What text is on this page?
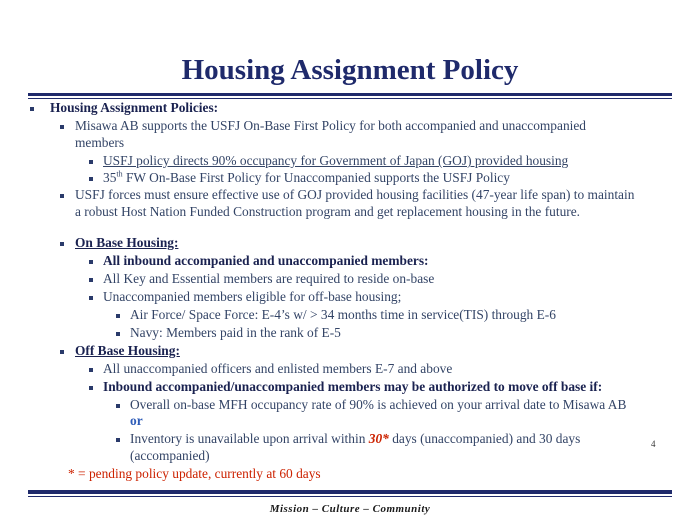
Housing Assignment Policy
Housing Assignment Policies:
Misawa AB supports the USFJ On-Base First Policy for both accompanied and unaccompanied
members
USFJ policy directs 90% occupancy for Government of Japan (GOJ) provided housing
35th FW On-Base First Policy for Unaccompanied supports the USFJ Policy
USFJ forces must ensure effective use of GOJ provided housing facilities (47-year life span) to maintain
a robust Host Nation Funded Construction program and get replacement housing in the future.
On Base Housing:
All inbound accompanied and unaccompanied members:
All Key and Essential members are required to reside on-base
Unaccompanied members eligible for off-base housing;
Air Force/ Space Force: E-4’s w/ > 34 months time in service(TIS) through E-6
Navy: Members paid in the rank of E-5
Off Base Housing:
All unaccompanied officers and enlisted members E-7 and above
Inbound accompanied/unaccompanied members may be authorized to move off base if:
Overall on-base MFH occupancy rate of 90% is achieved on your arrival date to Misawa AB
or
Inventory is unavailable upon arrival within 30* days (unaccompanied) and 30 days
(accompanied)
* = pending policy update, currently at 60 days
4
Mission – Culture – Community
